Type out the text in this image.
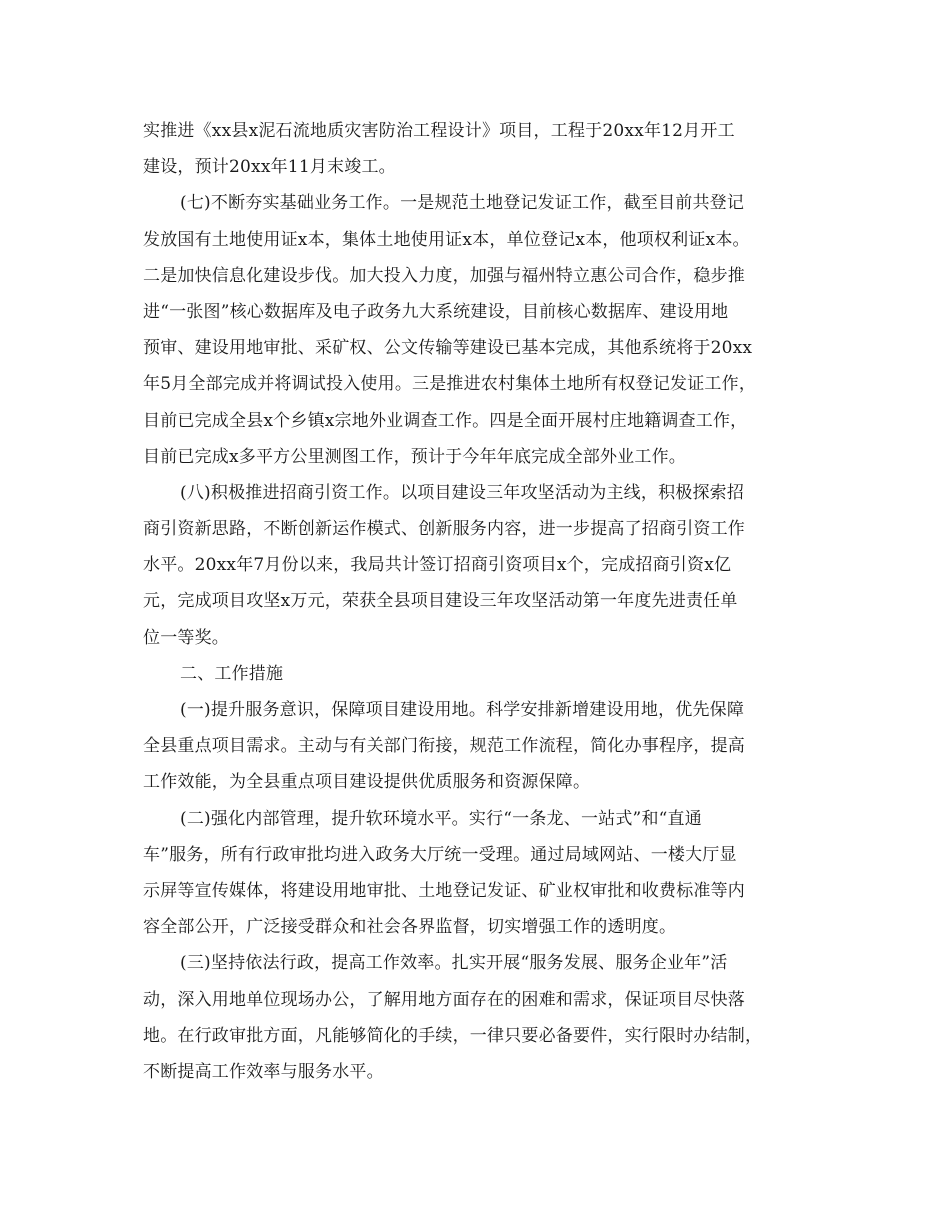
实推进《xx县x泥石流地质灾害防治工程设计》项目，工程于20xx年12月开工
建设，预计20xx年11月末竣工。
(七)不断夯实基础业务工作。一是规范土地登记发证工作，截至目前共登记
发放国有土地使用证x本，集体土地使用证x本，单位登记x本，他项权利证x本。
二是加快信息化建设步伐。加大投入力度，加强与福州特立惠公司合作，稳步推
进“一张图”核心数据库及电子政务九大系统建设，目前核心数据库、建设用地
预审、建设用地审批、采矿权、公文传输等建设已基本完成，其他系统将于20xx
年5月全部完成并将调试投入使用。三是推进农村集体土地所有权登记发证工作，
目前已完成全县x个乡镇x宗地外业调查工作。四是全面开展村庄地籍调查工作，
目前已完成x多平方公里测图工作，预计于今年年底完成全部外业工作。
(八)积极推进招商引资工作。以项目建设三年攻坚活动为主线，积极探索招
商引资新思路，不断创新运作模式、创新服务内容，进一步提高了招商引资工作
水平。20xx年7月份以来，我局共计签订招商引资项目x个，完成招商引资x亿
元，完成项目攻坚x万元，荣获全县项目建设三年攻坚活动第一年度先进责任单
位一等奖。
二、工作措施
(一)提升服务意识，保障项目建设用地。科学安排新增建设用地，优先保障
全县重点项目需求。主动与有关部门衔接，规范工作流程，简化办事程序，提高
工作效能，为全县重点项目建设提供优质服务和资源保障。
(二)强化内部管理，提升软环境水平。实行“一条龙、一站式”和“直通
车”服务，所有行政审批均进入政务大厅统一受理。通过局域网站、一楼大厅显
示屏等宣传媒体，将建设用地审批、土地登记发证、矿业权审批和收费标准等内
容全部公开，广泛接受群众和社会各界监督，切实增强工作的透明度。
(三)坚持依法行政，提高工作效率。扎实开展“服务发展、服务企业年”活
动，深入用地单位现场办公，了解用地方面存在的困难和需求，保证项目尽快落
地。在行政审批方面，凡能够简化的手续，一律只要必备要件，实行限时办结制，
不断提高工作效率与服务水平。
